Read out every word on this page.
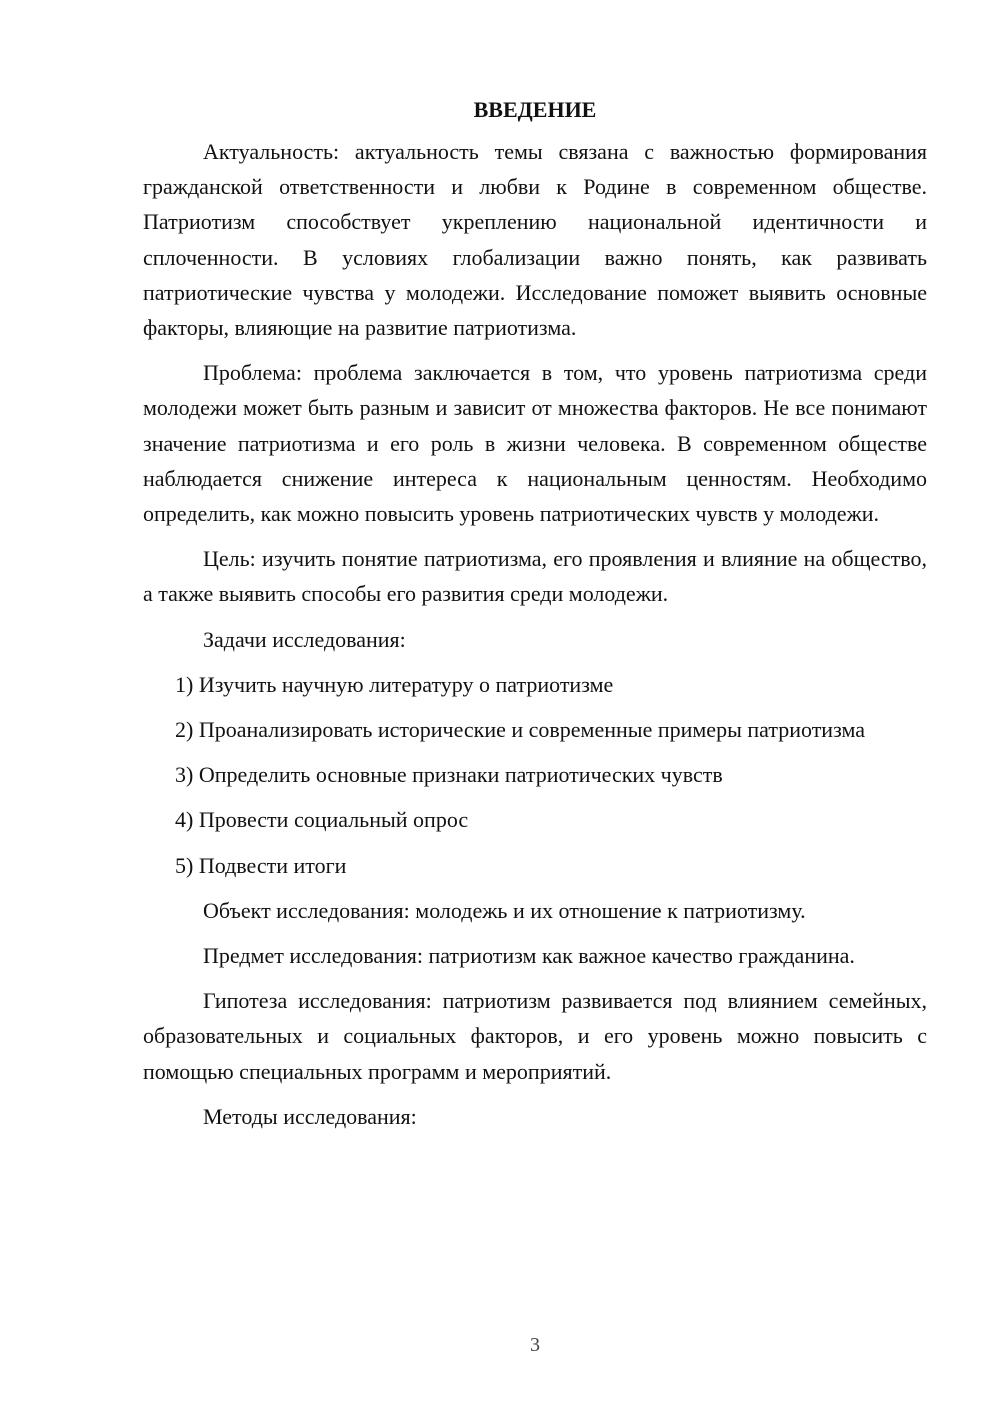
ВВЕДЕНИЕ

Актуальность: актуальность темы связана с важностью формирования гражданской ответственности и любви к Родине в современном обществе. Патриотизм способствует укреплению национальной идентичности и сплоченности. В условиях глобализации важно понять, как развивать патриотические чувства у молодежи. Исследование поможет выявить основные факторы, влияющие на развитие патриотизма.

Проблема: проблема заключается в том, что уровень патриотизма среди молодежи может быть разным и зависит от множества факторов. Не все понимают значение патриотизма и его роль в жизни человека. В современном обществе наблюдается снижение интереса к национальным ценностям. Необходимо определить, как можно повысить уровень патриотических чувств у молодежи.

Цель: изучить понятие патриотизма, его проявления и влияние на общество, а также выявить способы его развития среди молодежи.

Задачи исследования:

1) Изучить научную литературу о патриотизме

2) Проанализировать исторические и современные примеры патриотизма

3) Определить основные признаки патриотических чувств

4) Провести социальный опрос

5) Подвести итоги

Объект исследования: молодежь и их отношение к патриотизму.

Предмет исследования: патриотизм как важное качество гражданина.

Гипотеза исследования: патриотизм развивается под влиянием семейных, образовательных и социальных факторов, и его уровень можно повысить с помощью специальных программ и мероприятий.

Методы исследования:

3
